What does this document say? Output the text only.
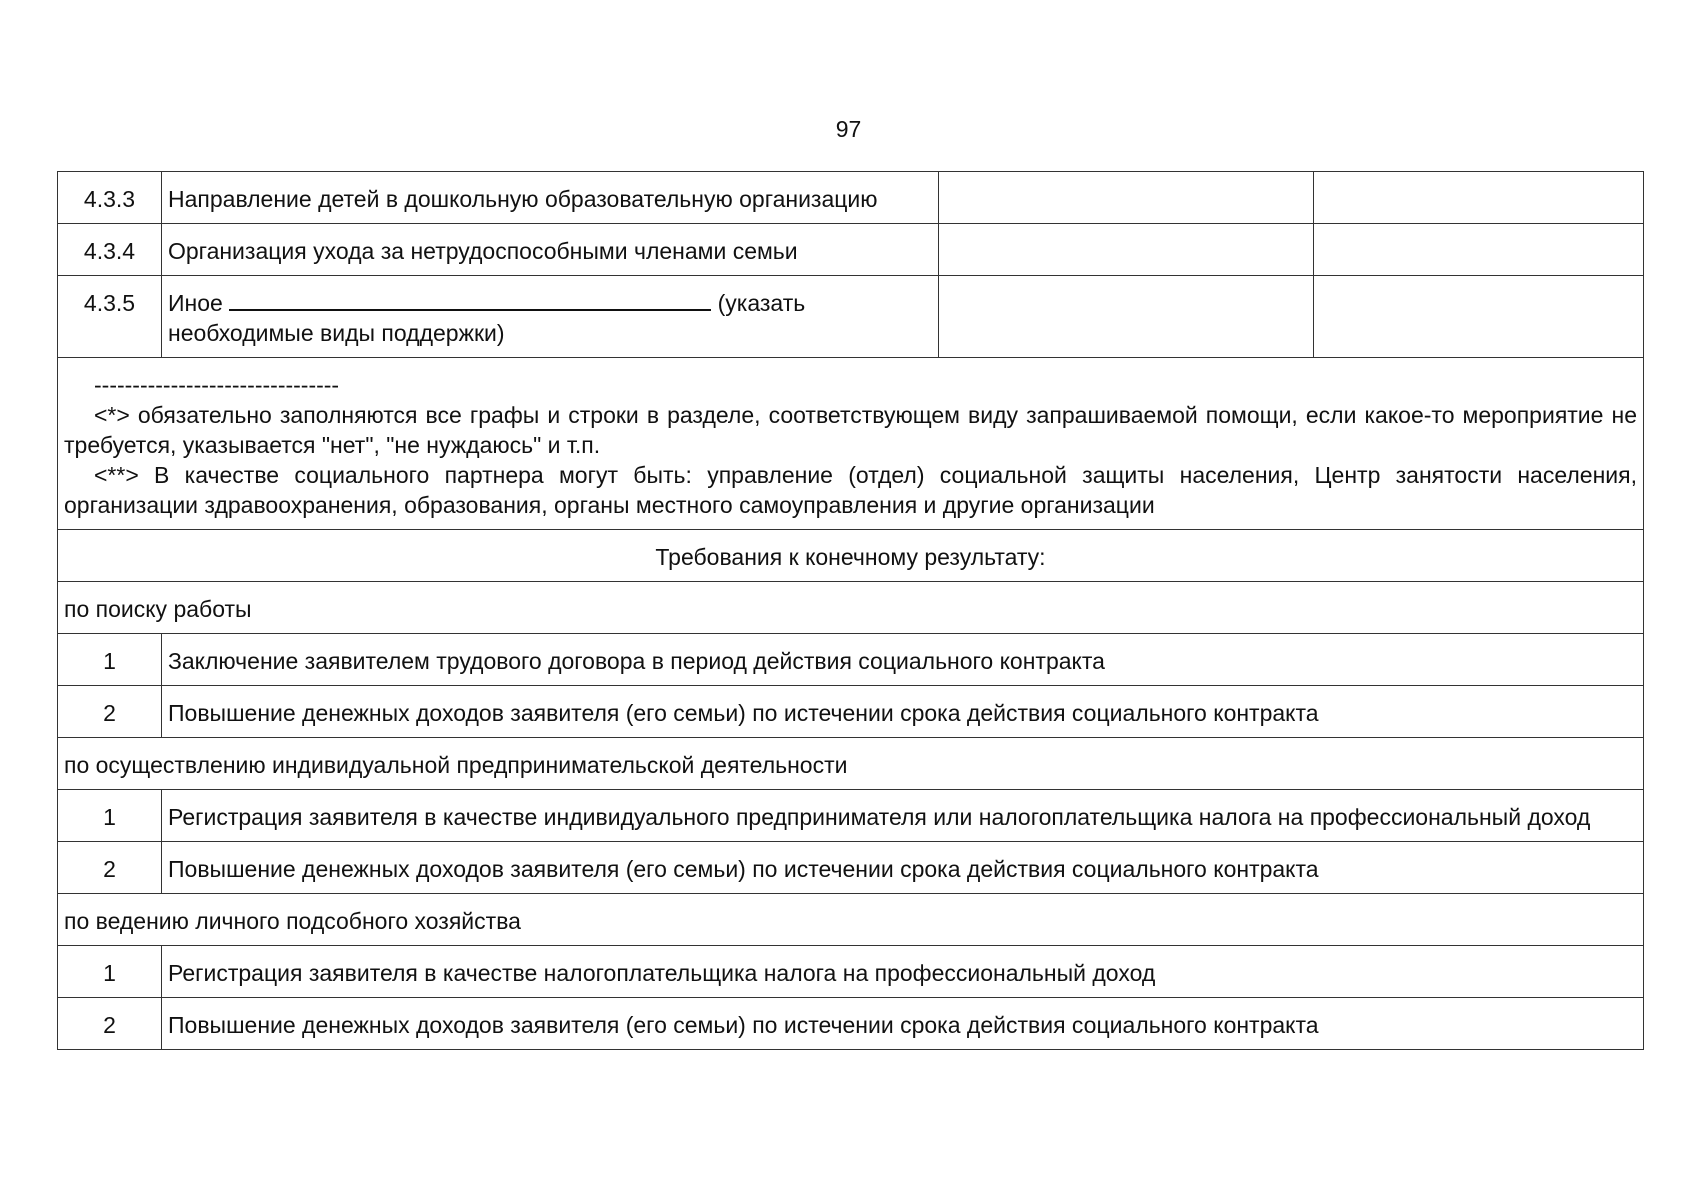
97
4.3.3	Направление детей в дошкольную образовательную организацию		
4.3.4	Организация ухода за нетрудоспособными членами семьи		
4.3.5	Иное (указать необходимые виды поддержки)		

--------------------------------

<*> обязательно заполняются все графы и строки в разделе, соответствующем виду запрашиваемой помощи, если какое-то мероприятие не требуется, указывается "нет", "не нуждаюсь" и т.п.

<**> В качестве социального партнера могут быть: управление (отдел) социальной защиты населения, Центр занятости населения, организации здравоохранения, образования, органы местного самоуправления и другие организации			

Требования к конечному результату:			
по поиску работы			
1	Заключение заявителем трудового договора в период действия социального контракта		
2	Повышение денежных доходов заявителя (его семьи) по истечении срока действия социального контракта		
по осуществлению индивидуальной предпринимательской деятельности			
1	Регистрация заявителя в качестве индивидуального предпринимателя или налогоплательщика налога на профессиональный доход		
2	Повышение денежных доходов заявителя (его семьи) по истечении срока действия социального контракта		
по ведению личного подсобного хозяйства			
1	Регистрация заявителя в качестве налогоплательщика налога на профессиональный доход		
2	Повышение денежных доходов заявителя (его семьи) по истечении срока действия социального контракта		
